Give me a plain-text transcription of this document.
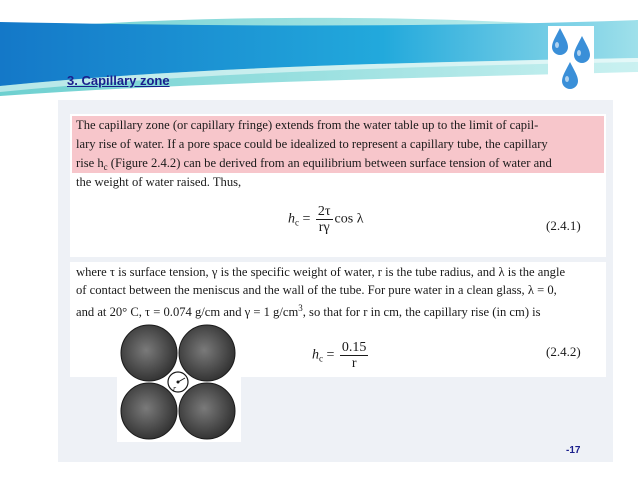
3. Capillary zone
The capillary zone (or capillary fringe) extends from the water table up to the limit of capil-
lary rise of water. If a pore space could be idealized to represent a capillary tube, the capillary
rise $h_c$ (Figure 2.4.2) can be derived from an equilibrium between surface tension of water and
the weight of water raised. Thus,
$h_c = \frac{2\tau}{r\gamma}$ cos λ	(2.4.1)
where τ is surface tension, γ is the specific weight of water, r is the tube radius, and λ is the angle
of contact between the meniscus and the wall of the tube. For pure water in a clean glass, λ = 0,
and at 20° C, τ = 0.074 g/cm and γ = 1 $g/cm^3$, so that for r in cm, the capillary rise (in cm) is
r
$h_c = \frac{0.15}{r}$	(2.4.2)
-17
